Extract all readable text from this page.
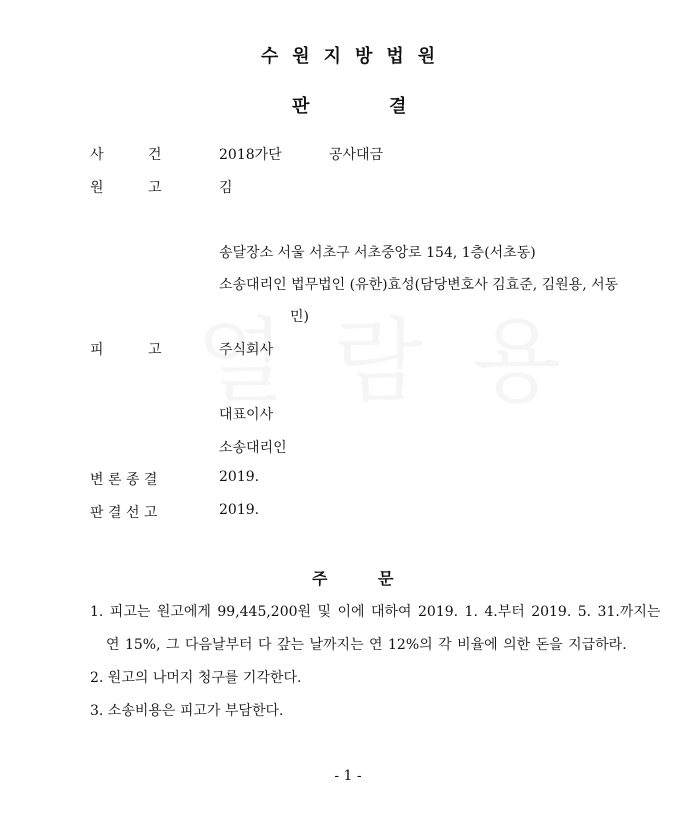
수원지방법원
판	결
사          건	2018가단	공사대금
원          고	김
송달장소 서울 서초구 서초중앙로 154, 1층(서초동)
소송대리인 법무법인 (유한)효성(담당변호사 김효준, 김원용, 서동
민)
피          고	주식회사
대표이사
소송대리인
변 론 종 결	2019.
판 결 선 고	2019.
주	문
1. 피고는 원고에게 99,445,200원 및 이에 대하여 2019. 1. 4.부터 2019. 5. 31.까지는
연 15%, 그 다음날부터 다 갚는 날까지는 연 12%의 각 비율에 의한 돈을 지급하라.
2. 원고의 나머지 청구를 기각한다.
3. 소송비용은 피고가 부담한다.
- 1 -
